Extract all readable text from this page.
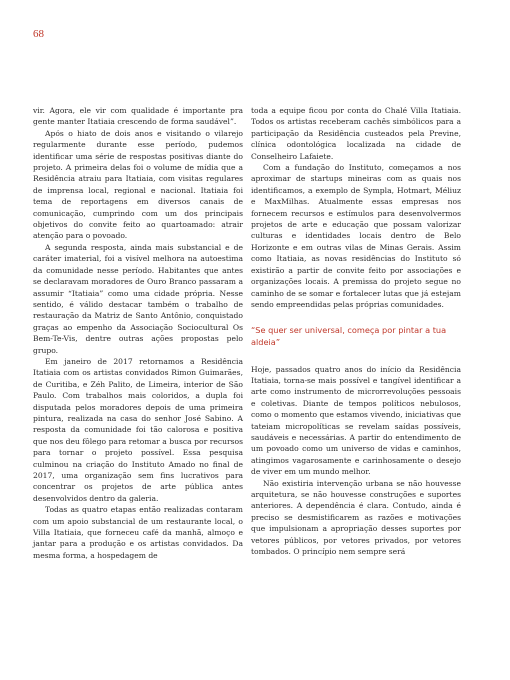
68

vir. Agora, ele vir com qualidade é importante pra gente manter Itatiaia crescendo de forma saudável”.

Após o hiato de dois anos e visitando o vilarejo regularmente durante esse período, pudemos identificar uma série de respostas positivas diante do projeto. A primeira delas foi o volume de mídia que a Residência atraiu para Itatiaia, com visitas regulares de imprensa local, regional e nacional. Itatiaia foi tema de reportagens em diversos canais de comunicação, cumprindo com um dos principais objetivos do convite feito ao quartoamado: atrair atenção para o povoado.

A segunda resposta, ainda mais substancial e de caráter imaterial, foi a visível melhora na autoestima da comunidade nesse período. Habitantes que antes se declaravam moradores de Ouro Branco passaram a assumir “Itatiaia” como uma cidade própria. Nesse sentido, é válido destacar também o trabalho de restauração da Matriz de Santo Antônio, conquistado graças ao empenho da Associação Sociocultural Os Bem-Te-Vis, dentre outras ações propostas pelo grupo.

Em janeiro de 2017 retornamos a Residência Itatiaia com os artistas convidados Rimon Guimarães, de Curitiba, e Zéh Palito, de Limeira, interior de São Paulo. Com trabalhos mais coloridos, a dupla foi disputada pelos moradores depois de uma primeira pintura, realizada na casa do senhor José Sabino. A resposta da comunidade foi tão calorosa e positiva que nos deu fôlego para retomar a busca por recursos para tornar o projeto possível. Essa pesquisa culminou na criação do Instituto Amado no final de 2017, uma organização sem fins lucrativos para concentrar os projetos de arte pública antes desenvolvidos dentro da galeria.

Todas as quatro etapas então realizadas contaram com um apoio substancial de um restaurante local, o Villa Itatiaia, que forneceu café da manhã, almoço e jantar para a produção e os artistas convidados. Da mesma forma, a hospedagem de

toda a equipe ficou por conta do Chalé Villa Itatiaia. Todos os artistas receberam cachês simbólicos para a participação da Residência custeados pela Previne, clínica odontológica localizada na cidade de Conselheiro Lafaiete.

Com a fundação do Instituto, começamos a nos aproximar de startups mineiras com as quais nos identificamos, a exemplo de Sympla, Hotmart, Méliuz e MaxMilhas. Atualmente essas empresas nos fornecem recursos e estímulos para desenvolvermos projetos de arte e educação que possam valorizar culturas e identidades locais dentro de Belo Horizonte e em outras vilas de Minas Gerais. Assim como Itatiaia, as novas residências do Instituto só existirão a partir de convite feito por associações e organizações locais. A premissa do projeto segue no caminho de se somar e fortalecer lutas que já estejam sendo empreendidas pelas próprias comunidades.

“Se quer ser universal, começa por pintar a tua aldeia”

Hoje, passados quatro anos do início da Residência Itatiaia, torna-se mais possível e tangível identificar a arte como instrumento de microrrevoluções pessoais e coletivas. Diante de tempos políticos nebulosos, como o momento que estamos vivendo, iniciativas que tateiam micropolíticas se revelam saídas possíveis, saudáveis e necessárias. A partir do entendimento de um povoado como um universo de vidas e caminhos, atingimos vagarosamente e carinhosamente o desejo de viver em um mundo melhor.

Não existiria intervenção urbana se não houvesse arquitetura, se não houvesse construções e suportes anteriores. A dependência é clara. Contudo, ainda é preciso se desmistificarem as razões e motivações que impulsionam a apropriação desses suportes por vetores públicos, por vetores privados, por vetores tombados. O princípio nem sempre será
